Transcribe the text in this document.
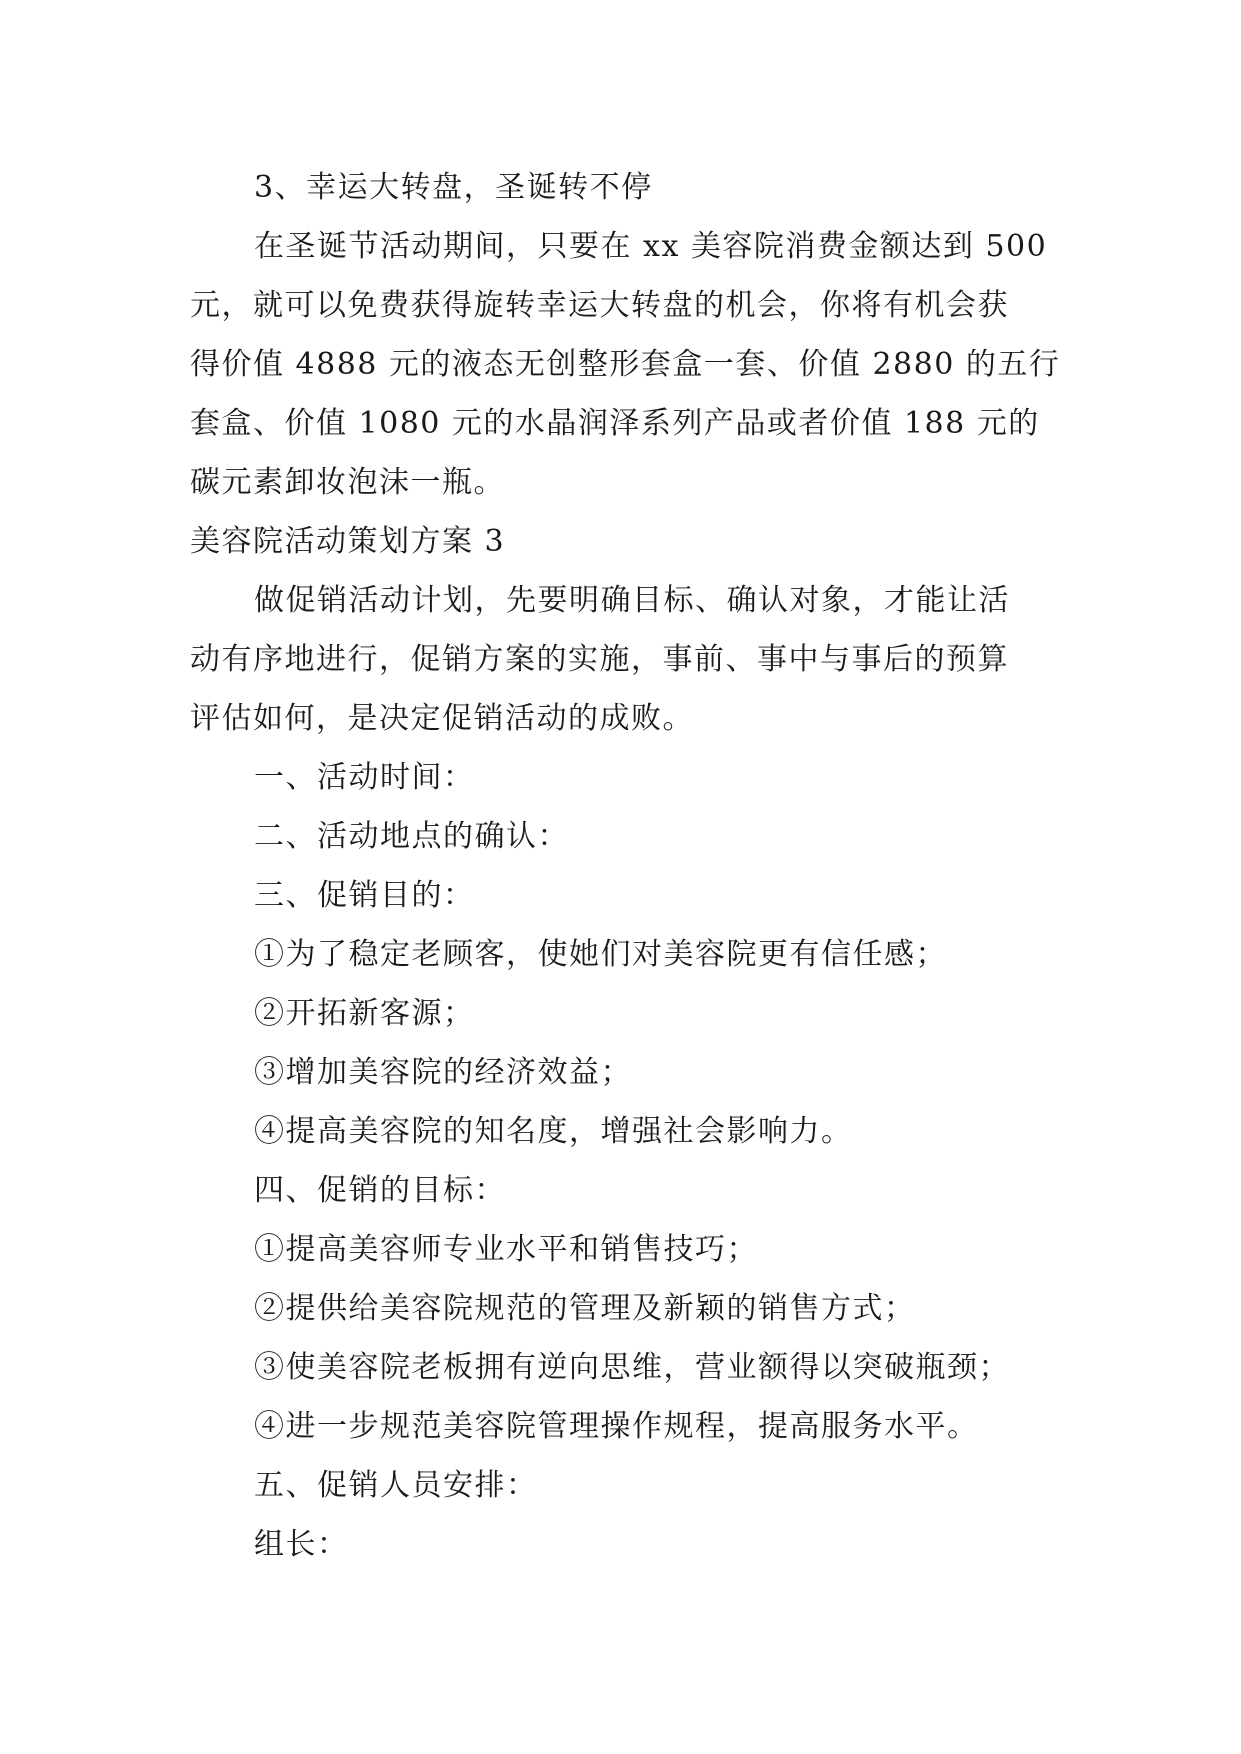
3、幸运大转盘，圣诞转不停
在圣诞节活动期间，只要在 xx 美容院消费金额达到 500
元，就可以免费获得旋转幸运大转盘的机会，你将有机会获
得价值 4888 元的液态无创整形套盒一套、价值 2880 的五行
套盒、价值 1080 元的水晶润泽系列产品或者价值 188 元的
碳元素卸妆泡沫一瓶。
美容院活动策划方案 3
做促销活动计划，先要明确目标、确认对象，才能让活
动有序地进行，促销方案的实施，事前、事中与事后的预算
评估如何，是决定促销活动的成败。
一、活动时间：
二、活动地点的确认：
三、促销目的：
①为了稳定老顾客，使她们对美容院更有信任感；
②开拓新客源；
③增加美容院的经济效益；
④提高美容院的知名度，增强社会影响力。
四、促销的目标：
①提高美容师专业水平和销售技巧；
②提供给美容院规范的管理及新颖的销售方式；
③使美容院老板拥有逆向思维，营业额得以突破瓶颈；
④进一步规范美容院管理操作规程，提高服务水平。
五、促销人员安排：
组长：
